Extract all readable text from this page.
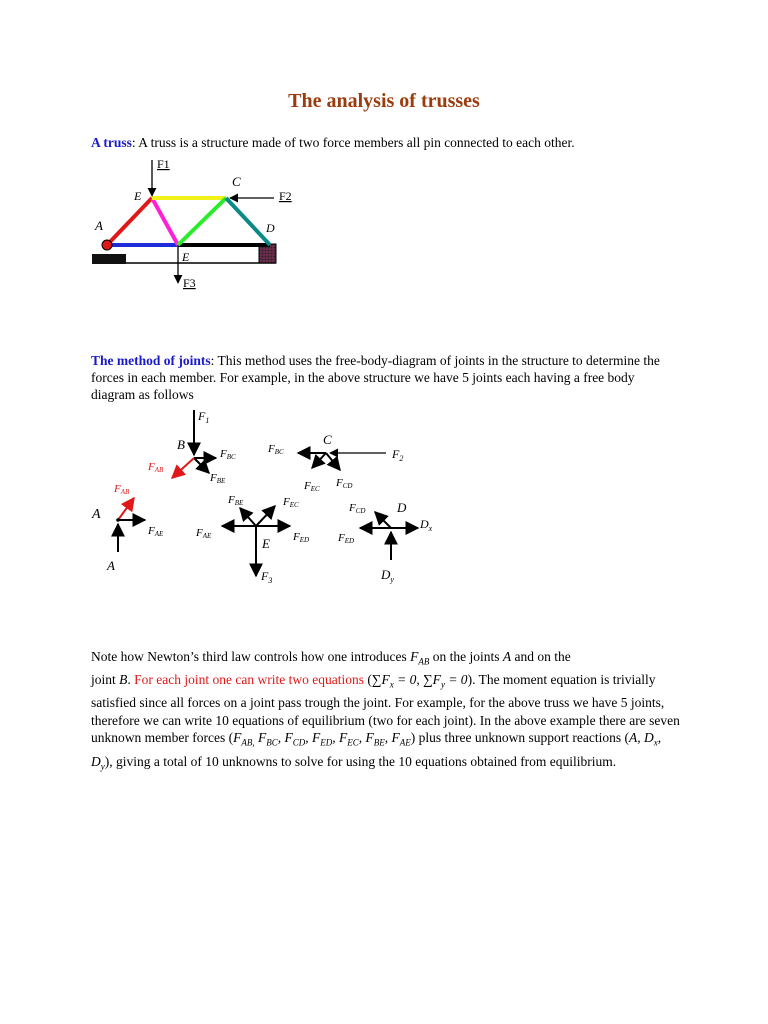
The analysis of trusses

A truss: A truss is a structure made of two force members all pin connected to each other.

F1
F2
F3
A
E
C
D
E
$F_1$
B
FBC
FBE
FAB
C
$F_2$
FBC
FEC FCD
FAB
A
FAE
A
FBE	FEC
FAE	E FED
$F_3$
FCD D
$D_x$
FED
$D_y$

The method of joints: This method uses the free-body-diagram of joints in the structure to determine the forces in each member. For example, in the above structure we have 5 joints each having a free body diagram as follows

Note how Newton’s third law controls how one introduces $F_{AB}$ on the joints A and on the
joint B. For each joint one can write two equations ($\sum F_x = 0$, $\sum F_y = 0$). The moment equation is trivially satisfied since all forces on a joint pass trough the joint. For example, for the above truss we have 5 joints, therefore we can write 10 equations of equilibrium (two for each joint). In the above example there are seven unknown member forces ($F_{AB,}$ $F_{BC}$, $F_{CD}$, $F_{ED}$, $F_{EC}$, $F_{BE}$, $F_{AE}$) plus three unknown support reactions (A, $D_x$, $D_y$), giving a total of 10 unknowns to solve for using the 10 equations obtained from equilibrium.
